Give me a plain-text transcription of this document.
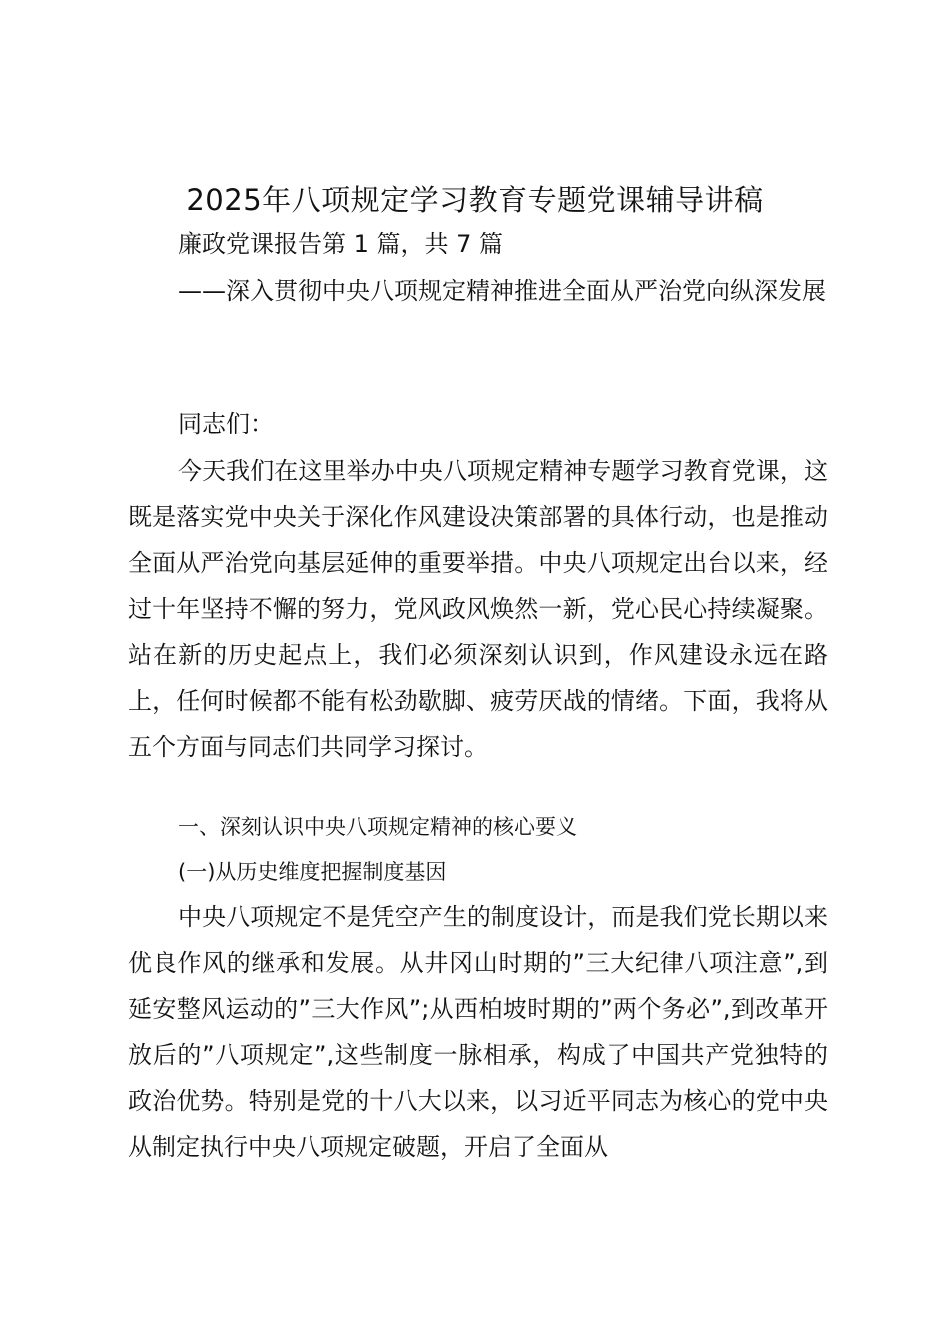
2025年八项规定学习教育专题党课辅导讲稿
廉政党课报告第 1 篇，共 7 篇

——深入贯彻中央八项规定精神推进全面从严治党向纵深发展

同志们：

今天我们在这里举办中央八项规定精神专题学习教育党课，这既是落实党中央关于深化作风建设决策部署的具体行动，也是推动全面从严治党向基层延伸的重要举措。中央八项规定出台以来，经过十年坚持不懈的努力，党风政风焕然一新，党心民心持续凝聚。站在新的历史起点上，我们必须深刻认识到，作风建设永远在路上，任何时候都不能有松劲歇脚、疲劳厌战的情绪。下面，我将从五个方面与同志们共同学习探讨。

一、深刻认识中央八项规定精神的核心要义

(一)从历史维度把握制度基因

中央八项规定不是凭空产生的制度设计，而是我们党长期以来优良作风的继承和发展。从井冈山时期的”三大纪律八项注意”,到延安整风运动的”三大作风”;从西柏坡时期的”两个务必”,到改革开放后的”八项规定”,这些制度一脉相承，构成了中国共产党独特的政治优势。特别是党的十八大以来，以习近平同志为核心的党中央从制定执行中央八项规定破题，开启了全面从
